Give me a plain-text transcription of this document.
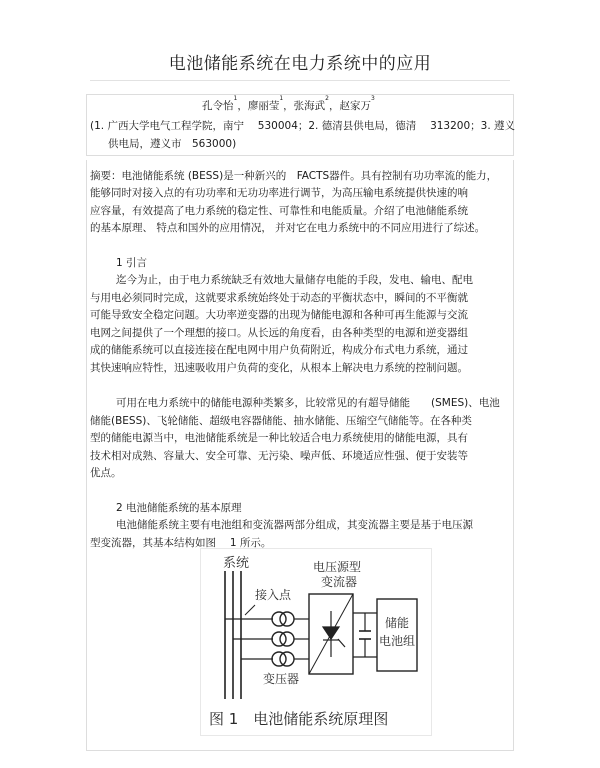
电池储能系统在电力系统中的应用
孔令怡$^1$，廖丽莹$^1$，张海武$^2$，赵家万$^3$
(1. 广西大学电气工程学院，南宁　 530004；2. 德清县供电局，德清　 313200；3. 遵义
供电局，遵义市　563000)
摘要：电池储能系统 (BESS)是一种新兴的　FACTS器件。具有控制有功功率流的能力，
能够同时对接入点的有功功率和无功功率进行调节，为高压输电系统提供快速的响
应容量，有效提高了电力系统的稳定性、可靠性和电能质量。介绍了电池储能系统
的基本原理、 特点和国外的应用情况， 并对它在电力系统中的不同应用进行了综述。
1 引言
迄今为止，由于电力系统缺乏有效地大量储存电能的手段，发电、输电、配电
与用电必须同时完成，这就要求系统始终处于动态的平衡状态中，瞬间的不平衡就
可能导致安全稳定问题。大功率逆变器的出现为储能电源和各种可再生能源与交流
电网之间提供了一个理想的接口。从长远的角度看，由各种类型的电源和逆变器组
成的储能系统可以直接连接在配电网中用户负荷附近，构成分布式电力系统，通过
其快速响应特性，迅速吸收用户负荷的变化，从根本上解决电力系统的控制问题。
可用在电力系统中的储能电源种类繁多，比较常见的有超导储能　　(SMES)、电池
储能(BESS)、飞轮储能、超级电容器储能、抽水储能、压缩空气储能等。在各种类
型的储能电源当中，电池储能系统是一种比较适合电力系统使用的储能电源，具有
技术相对成熟、容量大、安全可靠、无污染、噪声低、环境适应性强、便于安装等
优点。
2 电池储能系统的基本原理
电池储能系统主要有电池组和变流器两部分组成，其变流器主要是基于电压源
型变流器，其基本结构如图　 1 所示。
系统
接入点
变压器
电压源型
变流器
储能
电池组
图 1　电池储能系统原理图
